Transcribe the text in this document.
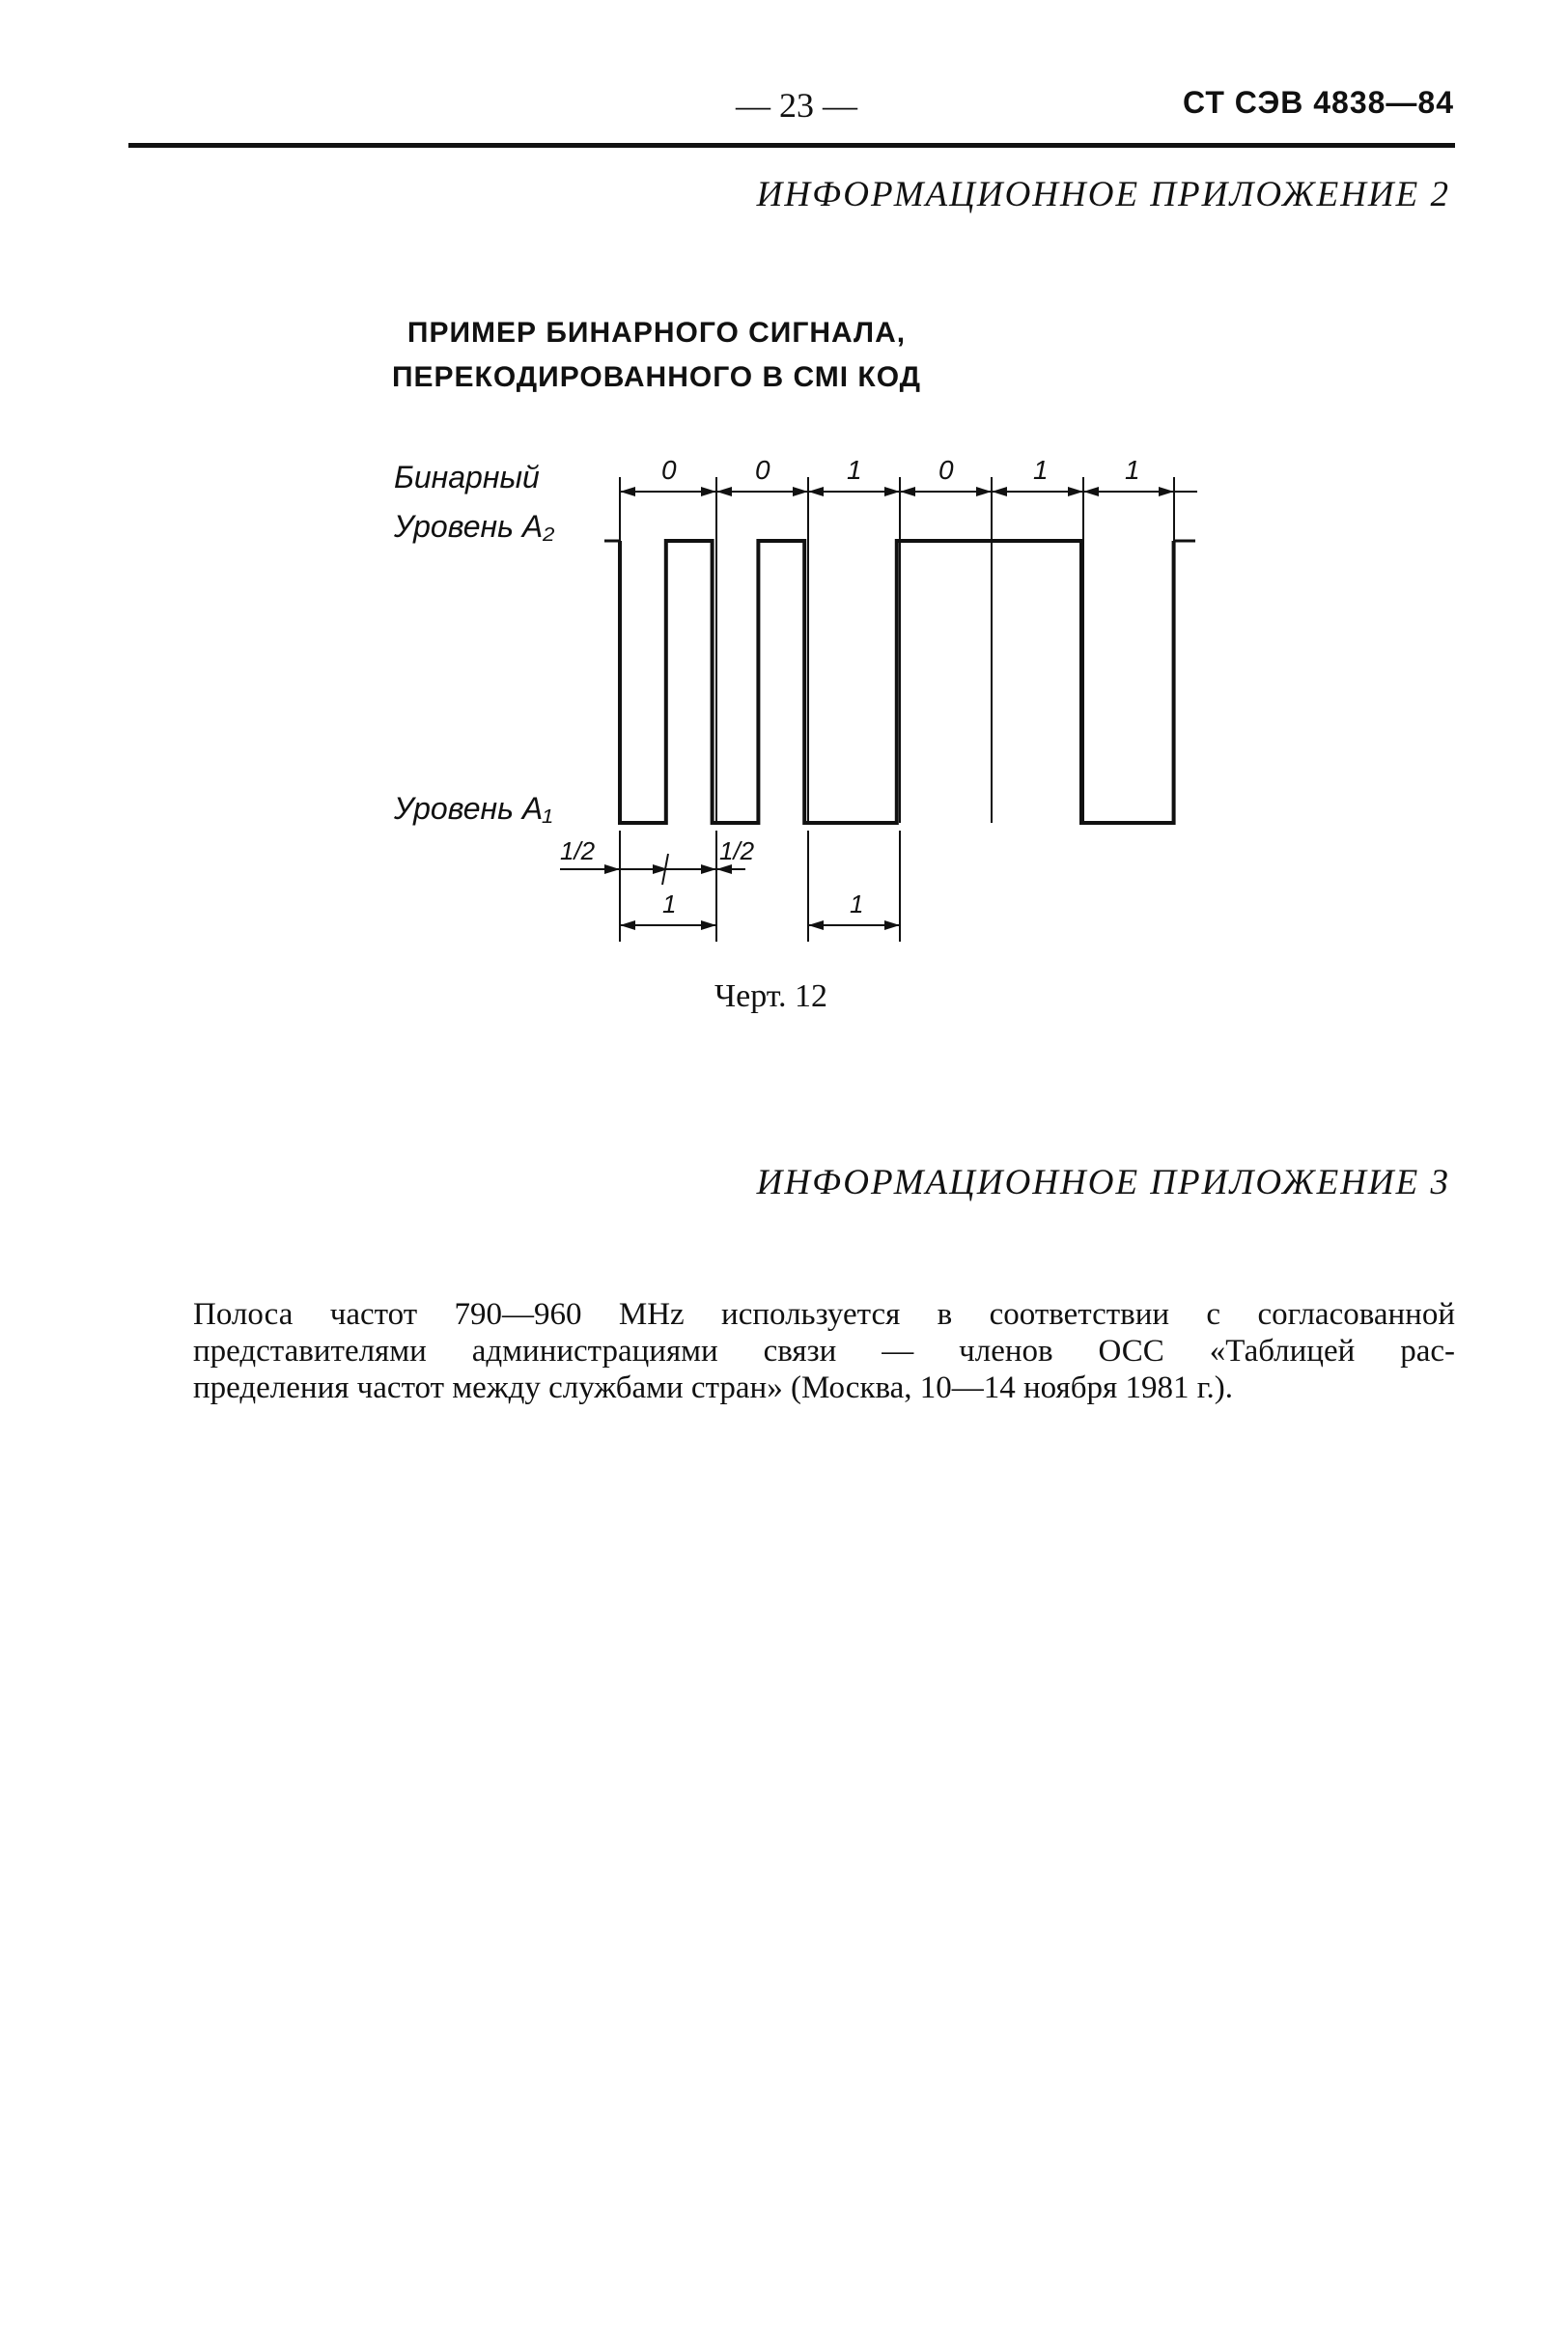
— 23 —	СТ СЭВ 4838—84
ИНФОРМАЦИОННОЕ ПРИЛОЖЕНИЕ 2
ПРИМЕР БИНАРНОГО СИГНАЛА,
ПЕРЕКОДИРОВАННОГО В СМI КОД
Бинарный
Уровень A₂
Уровень A₁
0	0	1	0	1	1
1/2	1/2
1	1
Черт. 12
ИНФОРМАЦИОННОЕ ПРИЛОЖЕНИЕ 3

Полоса частот 790—960 MHz используется в соответствии с согласованной
представителями администрациями связи — членов ОСС «Таблицей рас-
пределения частот между службами стран» (Москва, 10—14 ноября 1981 г.).
